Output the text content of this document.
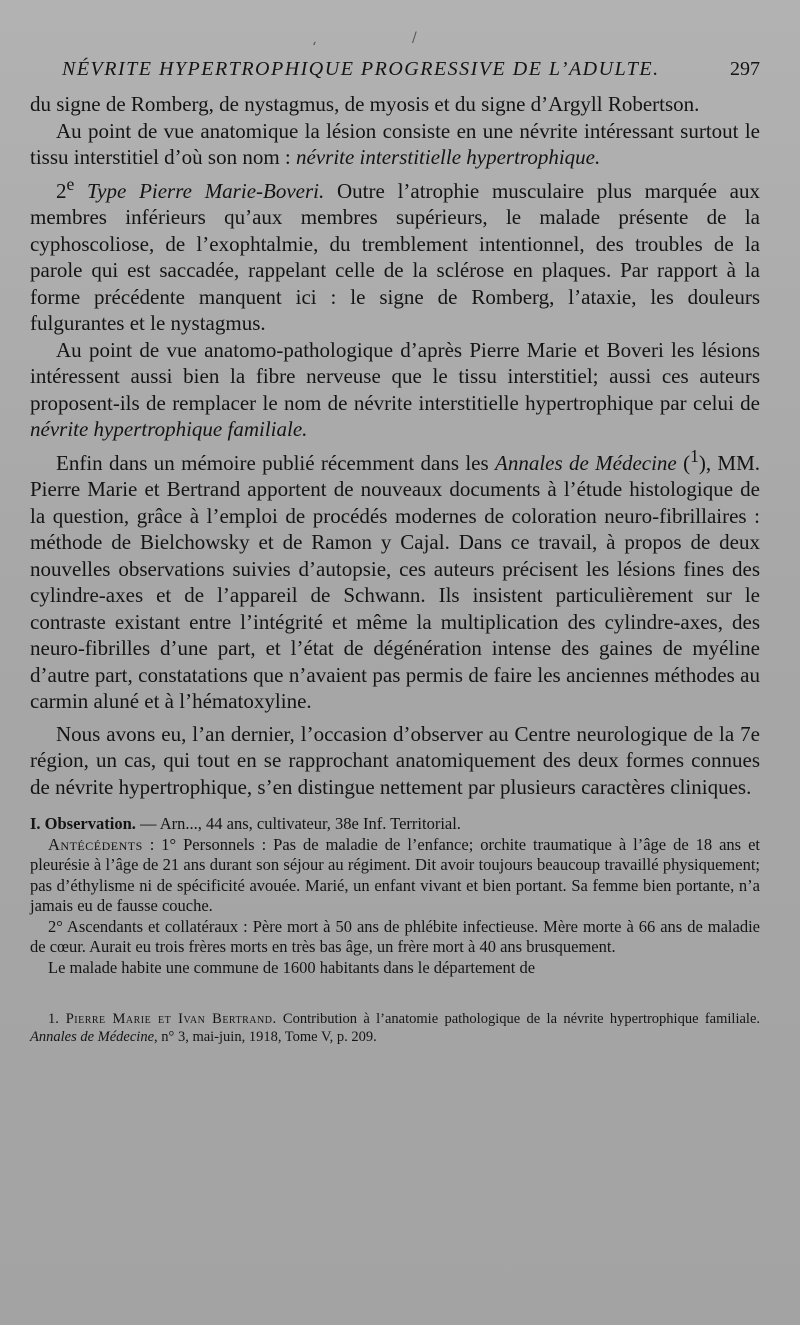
‘
/
NÉVRITE HYPERTROPHIQUE PROGRESSIVE DE L’ADULTE.	297

du signe de Romberg, de nystagmus, de myosis et du signe d’Argyll Robertson.

Au point de vue anatomique la lésion consiste en une névrite intéressant surtout le tissu interstitiel d’où son nom : névrite interstitielle hypertrophique.

2e Type Pierre Marie-Boveri. Outre l’atrophie musculaire plus marquée aux membres inférieurs qu’aux membres supérieurs, le malade présente de la cyphoscoliose, de l’exophtalmie, du tremblement intentionnel, des troubles de la parole qui est saccadée, rappelant celle de la sclérose en plaques. Par rapport à la forme précédente manquent ici : le signe de Romberg, l’ataxie, les douleurs fulgurantes et le nystagmus.

Au point de vue anatomo-pathologique d’après Pierre Marie et Boveri les lésions intéressent aussi bien la fibre nerveuse que le tissu interstitiel; aussi ces auteurs proposent-ils de remplacer le nom de névrite interstitielle hypertrophique par celui de névrite hypertrophique familiale.

Enfin dans un mémoire publié récemment dans les Annales de Médecine ($^1$), MM. Pierre Marie et Bertrand apportent de nouveaux documents à l’étude histologique de la question, grâce à l’emploi de procédés modernes de coloration neuro-fibrillaires : méthode de Bielchowsky et de Ramon y Cajal. Dans ce travail, à propos de deux nouvelles observations suivies d’autopsie, ces auteurs précisent les lésions fines des cylindre-axes et de l’appareil de Schwann. Ils insistent particulièrement sur le contraste existant entre l’intégrité et même la multiplication des cylindre-axes, des neuro-fibrilles d’une part, et l’état de dégénération intense des gaines de myéline d’autre part, constatations que n’avaient pas permis de faire les anciennes méthodes au carmin aluné et à l’hématoxyline.

Nous avons eu, l’an dernier, l’occasion d’observer au Centre neurologique de la 7e région, un cas, qui tout en se rapprochant anatomiquement des deux formes connues de névrite hypertrophique, s’en distingue nettement par plusieurs caractères cliniques.

I. Observation. — Arn..., 44 ans, cultivateur, 38e Inf. Territorial.

Antécédents : 1° Personnels : Pas de maladie de l’enfance; orchite traumatique à l’âge de 18 ans et pleurésie à l’âge de 21 ans durant son séjour au régiment. Dit avoir toujours beaucoup travaillé physiquement; pas d’éthylisme ni de spécificité avouée. Marié, un enfant vivant et bien portant. Sa femme bien portante, n’a jamais eu de fausse couche.

2° Ascendants et collatéraux : Père mort à 50 ans de phlébite infectieuse. Mère morte à 66 ans de maladie de cœur. Aurait eu trois frères morts en très bas âge, un frère mort à 40 ans brusquement.

Le malade habite une commune de 1600 habitants dans le département de

1. Pierre Marie et Ivan Bertrand. Contribution à l’anatomie pathologique de la névrite hypertrophique familiale. Annales de Médecine, n° 3, mai-juin, 1918, Tome V, p. 209.
